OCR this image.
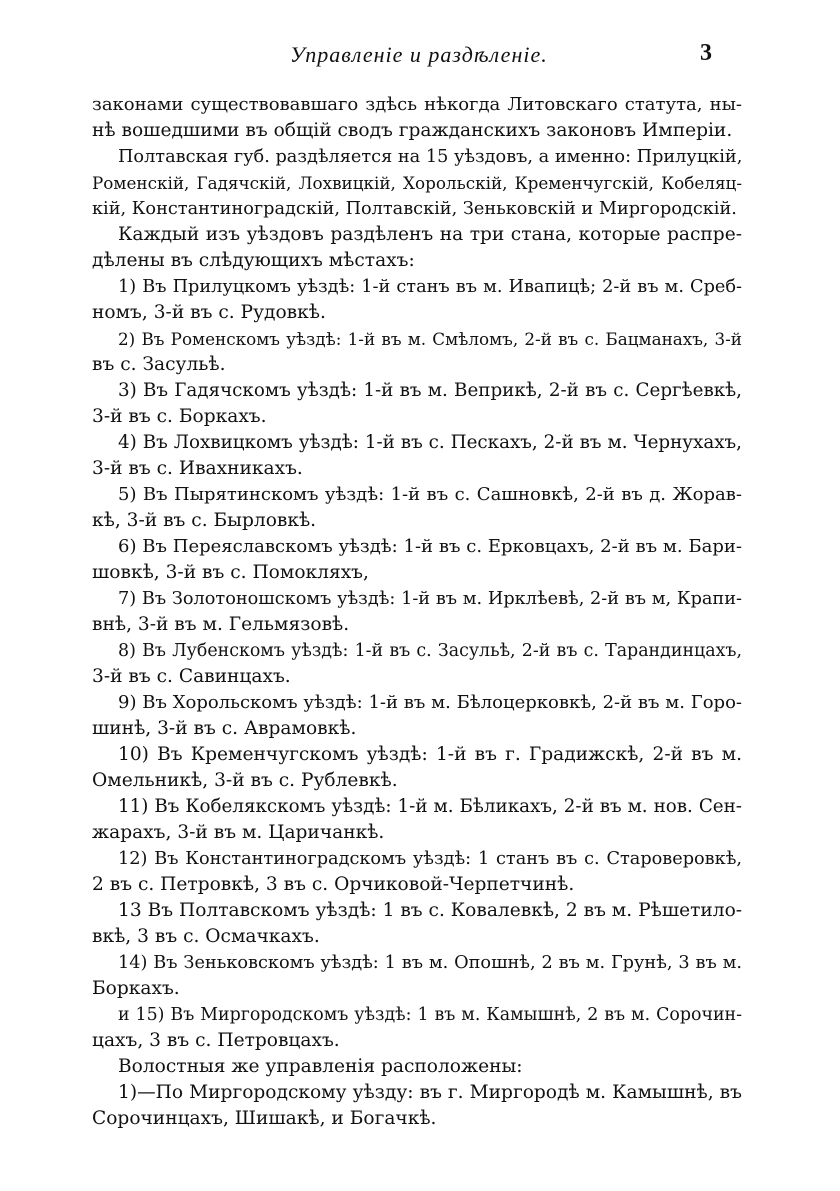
Управленіе и раздѣленіе.	3
законами существовавшаго здѣсь нѣкогда Литовскаго статута, ны-
нѣ вошедшими въ общій сводъ гражданскихъ законовъ Имперіи.
Полтавская губ. раздѣляется на 15 уѣздовъ, а именно: Прилуцкій,
Роменскій, Гадячскій, Лохвицкій, Хорольскій, Кременчугскій, Кобеляц-
кій, Константиноградскій, Полтавскій, Зеньковскій и Миргородскій.
Каждый изъ уѣздовъ раздѣленъ на три стана, которые распре-
дѣлены въ слѣдующихъ мѣстахъ:
1) Въ Прилуцкомъ уѣздѣ: 1-й станъ въ м. Ивапицѣ; 2-й въ м. Среб-
номъ, 3-й въ с. Рудовкѣ.
2) Въ Роменскомъ уѣздѣ: 1-й въ м. Смѣломъ, 2-й въ с. Бацманахъ, 3-й
въ с. Засульѣ.
3) Въ Гадячскомъ уѣздѣ: 1-й въ м. Веприкѣ, 2-й въ с. Сергѣевкѣ,
3-й въ с. Боркахъ.
4) Въ Лохвицкомъ уѣздѣ: 1-й въ с. Пескахъ, 2-й въ м. Чернухахъ,
3-й въ с. Ивахникахъ.
5) Въ Пырятинскомъ уѣздѣ: 1-й въ с. Сашновкѣ, 2-й въ д. Жорав-
кѣ, 3-й въ с. Бырловкѣ.
6) Въ Переяславскомъ уѣздѣ: 1-й въ с. Ерковцахъ, 2-й въ м. Бари-
шовкѣ, 3-й въ с. Помокляхъ,
7) Въ Золотоношскомъ уѣздѣ: 1-й въ м. Ирклѣевѣ, 2-й въ м, Крапи-
внѣ, 3-й въ м. Гельмязовѣ.
8) Въ Лубенскомъ уѣздѣ: 1-й въ с. Засульѣ, 2-й въ с. Тарандинцахъ,
3-й въ с. Савинцахъ.
9) Въ Хорольскомъ уѣздѣ: 1-й въ м. Бѣлоцерковкѣ, 2-й въ м. Горо-
шинѣ, 3-й въ с. Аврамовкѣ.
10) Въ Кременчугскомъ уѣздѣ: 1-й въ г. Градижскѣ, 2-й въ м.
Омельникѣ, 3-й въ с. Рублевкѣ.
11) Въ Кобелякскомъ уѣздѣ: 1-й м. Бѣликахъ, 2-й въ м. нов. Сен-
жарахъ, 3-й въ м. Царичанкѣ.
12) Въ Константиноградскомъ уѣздѣ: 1 станъ въ с. Староверовкѣ,
2 въ с. Петровкѣ, 3 въ с. Орчиковой-Черпетчинѣ.
13 Въ Полтавскомъ уѣздѣ: 1 въ с. Ковалевкѣ, 2 въ м. Рѣшетило-
вкѣ, 3 въ с. Осмачкахъ.
14) Въ Зеньковскомъ уѣздѣ: 1 въ м. Опошнѣ, 2 въ м. Грунѣ, 3 въ м.
Боркахъ.
и 15) Въ Миргородскомъ уѣздѣ: 1 въ м. Камышнѣ, 2 въ м. Сорочин-
цахъ, 3 въ с. Петровцахъ.
Волостныя же управленія расположены:
1)—По Миргородскому уѣзду: въ г. Миргородѣ м. Камышнѣ, въ
Сорочинцахъ, Шишакѣ, и Богачкѣ.
